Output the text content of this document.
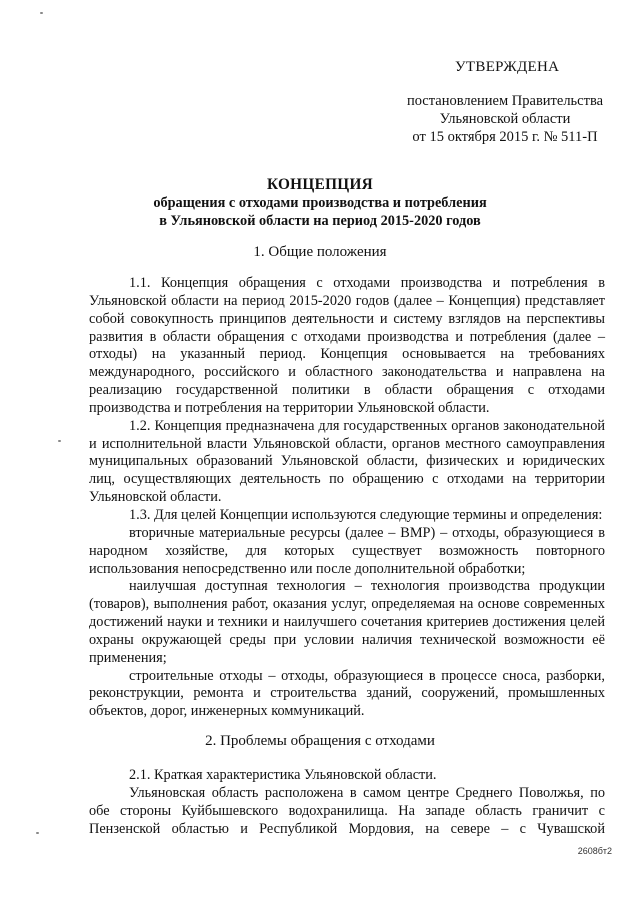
УТВЕРЖДЕНА
постановлением Правительства
Ульяновской области
от 15 октября 2015 г. № 511-П
КОНЦЕПЦИЯ
обращения с отходами производства и потребления
в Ульяновской области на период 2015-2020 годов
1. Общие положения

1.1. Концепция обращения с отходами производства и потребления в Ульяновской области на период 2015-2020 годов (далее – Концепция) представляет собой совокупность принципов деятельности и систему взглядов на перспективы развития в области обращения с отходами производства и потребления (далее – отходы) на указанный период. Концепция основывается на требованиях международного, российского и областного законодательства и направлена на реализацию государственной политики в области обращения с отходами производства и потребления на территории Ульяновской области.

1.2. Концепция предназначена для государственных органов законодательной и исполнительной власти Ульяновской области, органов местного самоуправления муниципальных образований Ульяновской области, физических и юридических лиц, осуществляющих деятельность по обращению с отходами на территории Ульяновской области.

1.3. Для целей Концепции используются следующие термины и определения:

вторичные материальные ресурсы (далее – ВМР) – отходы, образующиеся в народном хозяйстве, для которых существует возможность повторного использования непосредственно или после дополнительной обработки;

наилучшая доступная технология – технология производства продукции (товаров), выполнения работ, оказания услуг, определяемая на основе современных достижений науки и техники и наилучшего сочетания критериев достижения целей охраны окружающей среды при условии наличия технической возможности её применения;

строительные отходы – отходы, образующиеся в процессе сноса, разборки, реконструкции, ремонта и строительства зданий, сооружений, промышленных объектов, дорог, инженерных коммуникаций.

2. Проблемы обращения с отходами

2.1. Краткая характеристика Ульяновской области.

Ульяновская область расположена в самом центре Среднего Поволжья, по обе стороны Куйбышевского водохранилища. На западе область граничит с Пензенской областью и Республикой Мордовия, на севере – с Чувашской

2608бт2
